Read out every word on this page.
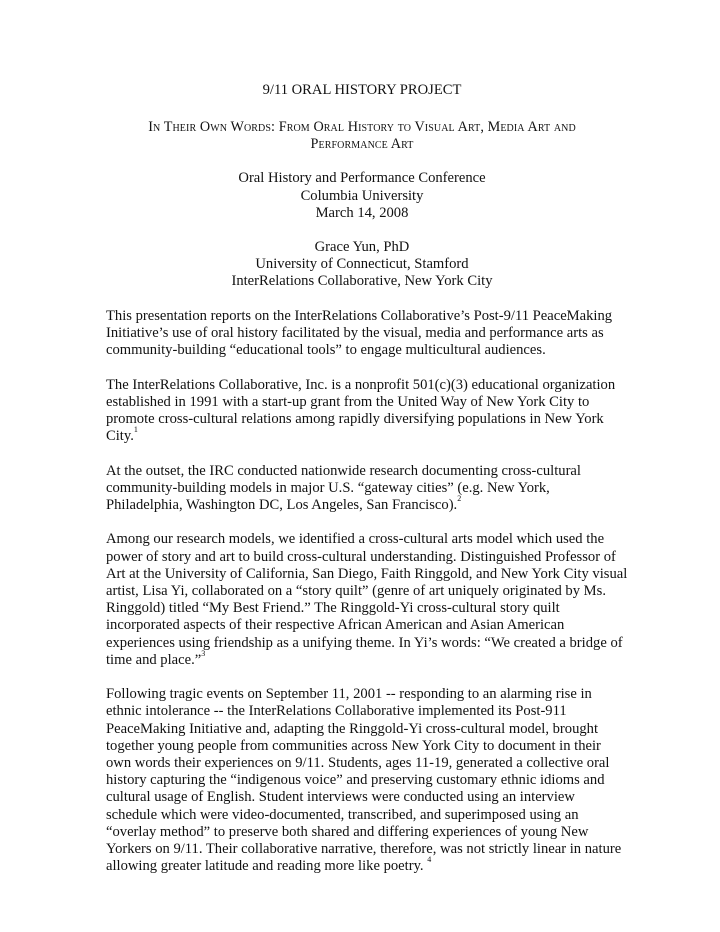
9/11 ORAL HISTORY PROJECT
In Their Own Words: From Oral History to Visual Art, Media Art and
Performance Art
Oral History and Performance Conference
Columbia University
March 14, 2008
Grace Yun, PhD
University of Connecticut, Stamford
InterRelations Collaborative, New York City
This presentation reports on the InterRelations Collaborative’s Post-9/11 PeaceMaking
Initiative’s use of oral history facilitated by the visual, media and performance arts as
community-building “educational tools” to engage multicultural audiences.
The InterRelations Collaborative, Inc. is a nonprofit 501(c)(3) educational organization
established in 1991 with a start-up grant from the United Way of New York City to
promote cross-cultural relations among rapidly diversifying populations in New York
City.$^1$
At the outset, the IRC conducted nationwide research documenting cross-cultural
community-building models in major U.S. “gateway cities” (e.g. New York,
Philadelphia, Washington DC, Los Angeles, San Francisco).$^2$
Among our research models, we identified a cross-cultural arts model which used the
power of story and art to build cross-cultural understanding. Distinguished Professor of
Art at the University of California, San Diego, Faith Ringgold, and New York City visual
artist, Lisa Yi, collaborated on a “story quilt” (genre of art uniquely originated by Ms.
Ringgold) titled “My Best Friend.” The Ringgold-Yi cross-cultural story quilt
incorporated aspects of their respective African American and Asian American
experiences using friendship as a unifying theme. In Yi’s words: “We created a bridge of
time and place.”$^3$
Following tragic events on September 11, 2001 -- responding to an alarming rise in
ethnic intolerance -- the InterRelations Collaborative implemented its Post-911
PeaceMaking Initiative and, adapting the Ringgold-Yi cross-cultural model, brought
together young people from communities across New York City to document in their
own words their experiences on 9/11. Students, ages 11-19, generated a collective oral
history capturing the “indigenous voice” and preserving customary ethnic idioms and
cultural usage of English. Student interviews were conducted using an interview
schedule which were video-documented, transcribed, and superimposed using an
“overlay method” to preserve both shared and differing experiences of young New
Yorkers on 9/11. Their collaborative narrative, therefore, was not strictly linear in nature
allowing greater latitude and reading more like poetry. $^4$
